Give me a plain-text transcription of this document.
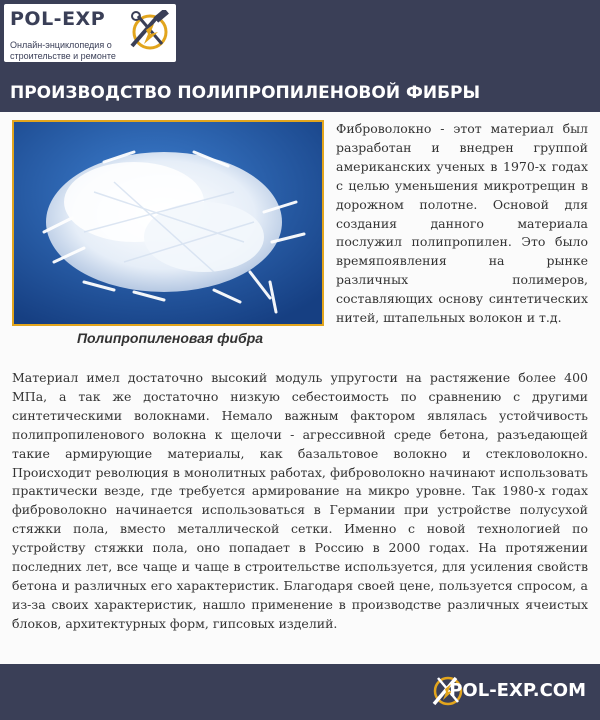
POL-EXP
Онлайн-энциклопедия о строительстве и ремонте пола
ПРОИЗВОДСТВО ПОЛИПРОПИЛЕНОВОЙ ФИБРЫ
Полипропиленовая фибра

Фиброволокно - этот материал был разработан и внедрен группой американских ученых в 1970-х годах с целью уменьшения микротрещин в дорожном полотне. Основой для создания данного материала послужил полипропилен. Это было времяпоявления на рынке различных полимеров, составляющих основу синтетических нитей, штапельных волокон и т.д.

Материал имел достаточно высокий модуль упругости на растяжение более 400 МПа, а так же достаточно низкую себестоимость по сравнению с другими синтетическими волокнами. Немало важным фактором являлась устойчивость полипропиленового волокна к щелочи - агрессивной среде бетона, разъедающей такие армирующие материалы, как базальтовое волокно и стекловолокно. Происходит революция в монолитных работах, фиброволокно начинают использовать практически везде, где требуется армирование на микро уровне. Так 1980-х годах фиброволокно начинается использоваться в Германии при устройстве полусухой стяжки пола, вместо металлической сетки. Именно с новой технологией по устройству стяжки пола, оно попадает в Россию в 2000 годах. На протяжении последних лет, все чаще и чаще в строительстве используется, для усиления свойств бетона и различных его характеристик. Благодаря своей цене, пользуется спросом, а из-за своих характеристик, нашло применение в производстве различных ячеистых блоков, архитектурных форм, гипсовых изделий.

POL-EXP.COM
